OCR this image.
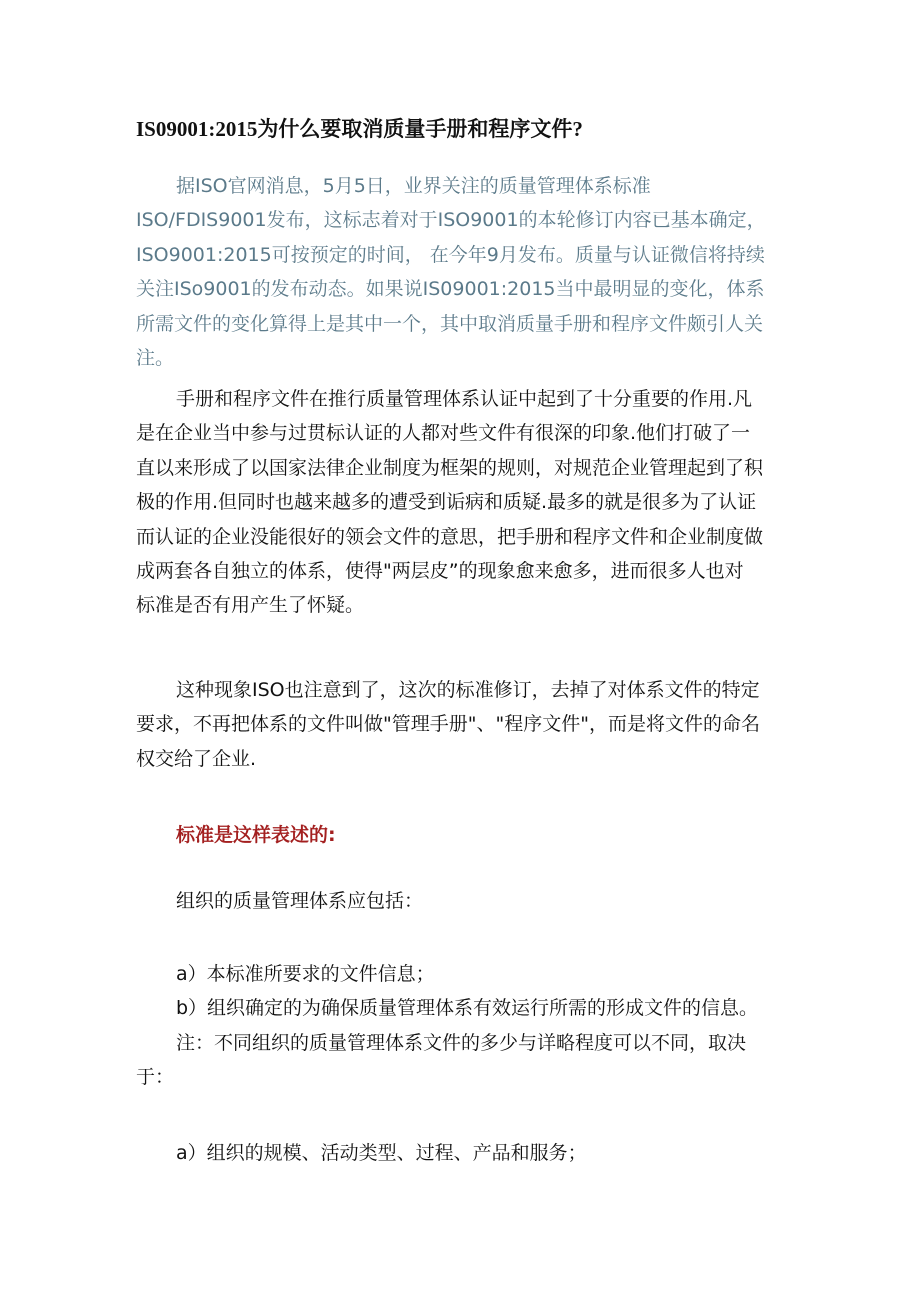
IS09001:2015为什么要取消质量手册和程序文件?
据ISO官网消息，5月5日，业界关注的质量管理体系标准
ISO/FDIS9001发布，这标志着对于ISO9001的本轮修订内容已基本确定，
ISO9001:2015可按预定的时间， 在今年9月发布。质量与认证微信将持续
关注ISo9001的发布动态。如果说IS09001:2015当中最明显的变化，体系
所需文件的变化算得上是其中一个，其中取消质量手册和程序文件颇引人关
注。
手册和程序文件在推行质量管理体系认证中起到了十分重要的作用.凡
是在企业当中参与过贯标认证的人都对些文件有很深的印象.他们打破了一
直以来形成了以国家法律企业制度为框架的规则，对规范企业管理起到了积
极的作用.但同时也越来越多的遭受到诟病和质疑.最多的就是很多为了认证
而认证的企业没能很好的领会文件的意思，把手册和程序文件和企业制度做
成两套各自独立的体系，使得"两层皮”的现象愈来愈多，进而很多人也对
标准是否有用产生了怀疑。
这种现象ISO也注意到了，这次的标准修订，去掉了对体系文件的特定
要求，不再把体系的文件叫做"管理手册"、"程序文件"，而是将文件的命名
权交给了企业.
标准是这样表述的:
组织的质量管理体系应包括：
a）本标准所要求的文件信息；
b）组织确定的为确保质量管理体系有效运行所需的形成文件的信息。
注：不同组织的质量管理体系文件的多少与详略程度可以不同，取决
于：
a）组织的规模、活动类型、过程、产品和服务；
